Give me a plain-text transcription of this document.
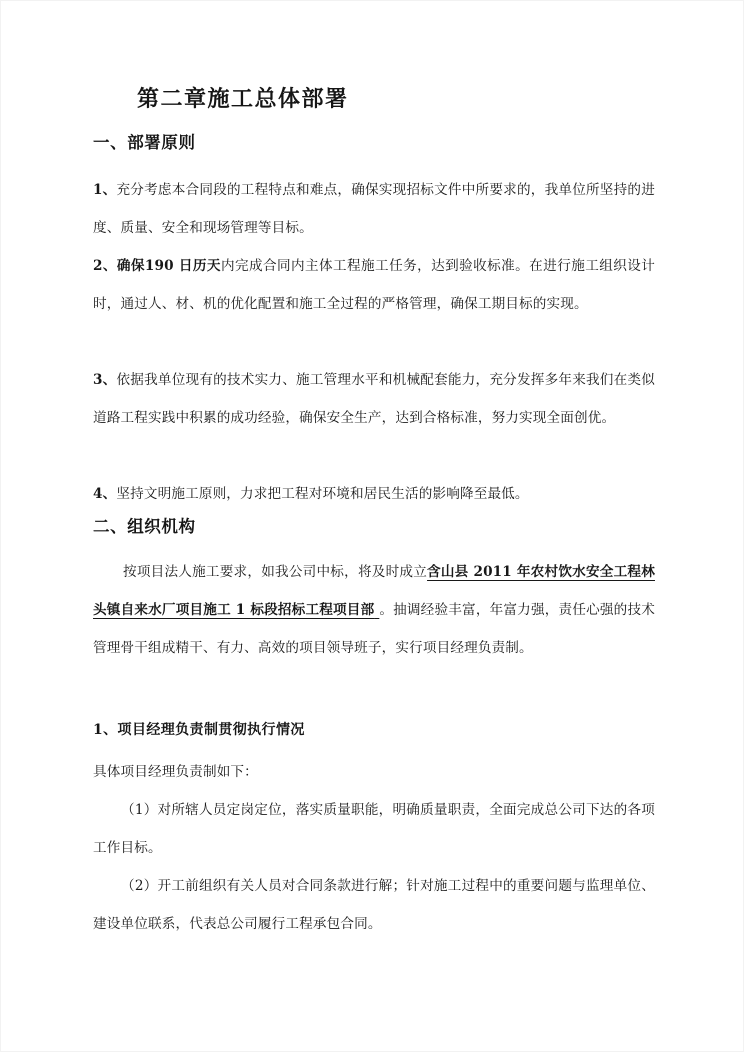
第二章施工总体部署
一、部署原则

1、充分考虑本合同段的工程特点和难点，确保实现招标文件中所要求的，我单位所坚持的进度、质量、安全和现场管理等目标。

2、确保190 日历天内完成合同内主体工程施工任务，达到验收标准。在进行施工组织设计时，通过人、材、机的优化配置和施工全过程的严格管理，确保工期目标的实现。

3、依据我单位现有的技术实力、施工管理水平和机械配套能力，充分发挥多年来我们在类似道路工程实践中积累的成功经验，确保安全生产，达到合格标准，努力实现全面创优。

4、坚持文明施工原则，力求把工程对环境和居民生活的影响降至最低。

二、组织机构

按项目法人施工要求，如我公司中标，将及时成立含山县 2011 年农村饮水安全工程林头镇自来水厂项目施工 1 标段招标工程项目部 。抽调经验丰富，年富力强，责任心强的技术管理骨干组成精干、有力、高效的项目领导班子，实行项目经理负责制。

1、项目经理负责制贯彻执行情况

具体项目经理负责制如下：

（1）对所辖人员定岗定位，落实质量职能，明确质量职责，全面完成总公司下达的各项工作目标。

（2）开工前组织有关人员对合同条款进行解；针对施工过程中的重要问题与监理单位、建设单位联系，代表总公司履行工程承包合同。
